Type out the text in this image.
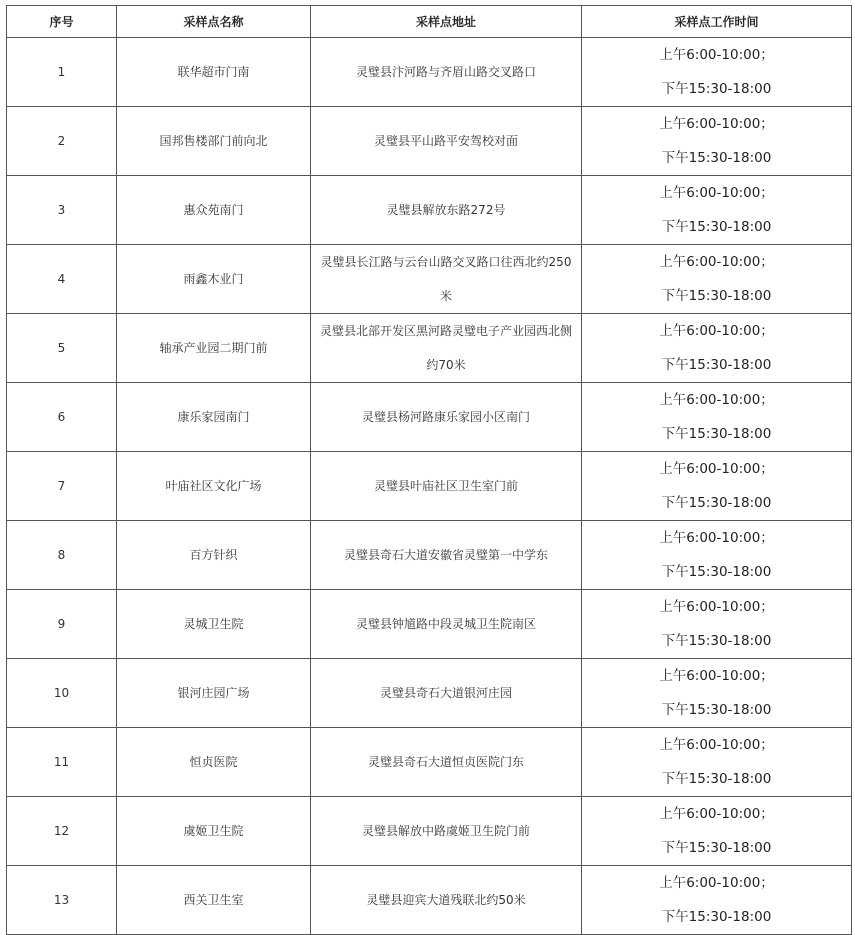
序号	采样点名称	采样点地址	采样点工作时间
1	联华超市门南	灵璧县汴河路与齐眉山路交叉路口	上午6:00-10:00；
下午15:30-18:00

2	国邦售楼部门前向北	灵璧县平山路平安驾校对面	上午6:00-10:00；
下午15:30-18:00

3	惠众苑南门	灵璧县解放东路272号	上午6:00-10:00；
下午15:30-18:00

4	雨鑫木业门	灵璧县长江路与云台山路交叉路口往西北约250米	上午6:00-10:00；
下午15:30-18:00

5	轴承产业园二期门前	灵璧县北部开发区黑河路灵璧电子产业园西北侧约70米	上午6:00-10:00；
下午15:30-18:00

6	康乐家园南门	灵璧县杨河路康乐家园小区南门	上午6:00-10:00；
下午15:30-18:00

7	叶庙社区文化广场	灵璧县叶庙社区卫生室门前	上午6:00-10:00；
下午15:30-18:00

8	百方针织	灵璧县奇石大道安徽省灵璧第一中学东	上午6:00-10:00；
下午15:30-18:00

9	灵城卫生院	灵璧县钟馗路中段灵城卫生院南区	上午6:00-10:00；
下午15:30-18:00

10	银河庄园广场	灵璧县奇石大道银河庄园	上午6:00-10:00；
下午15:30-18:00

11	恒贞医院	灵璧县奇石大道恒贞医院门东	上午6:00-10:00；
下午15:30-18:00

12	虞姬卫生院	灵璧县解放中路虞姬卫生院门前	上午6:00-10:00；
下午15:30-18:00

13	西关卫生室	灵璧县迎宾大道残联北约50米	上午6:00-10:00；
下午15:30-18:00
